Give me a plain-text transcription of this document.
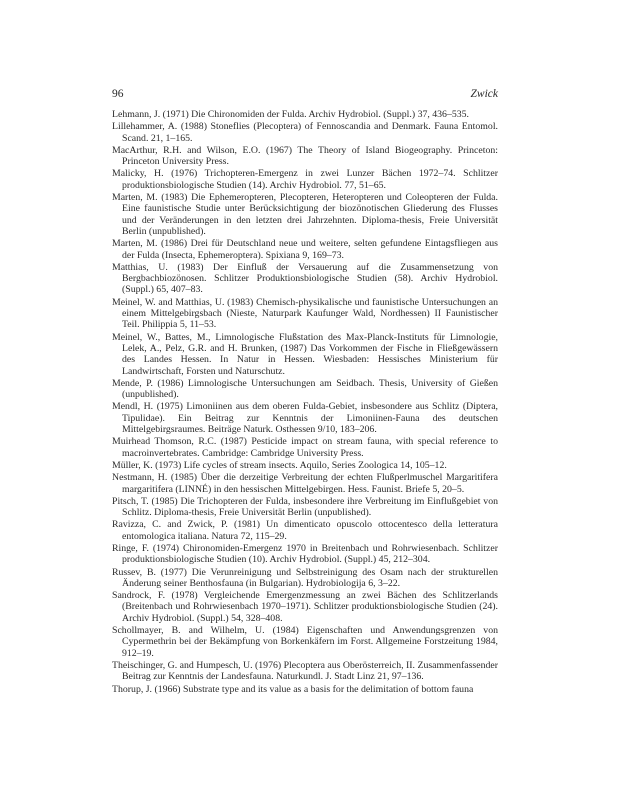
96	Zwick

Lehmann, J. (1971) Die Chironomiden der Fulda. Archiv Hydrobiol. (Suppl.) 37, 436–535.

Lillehammer, A. (1988) Stoneflies (Plecoptera) of Fennoscandia and Denmark. Fauna Entomol. Scand. 21, 1–165.

MacArthur, R.H. and Wilson, E.O. (1967) The Theory of Island Biogeography. Princeton: Princeton University Press.

Malicky, H. (1976) Trichopteren-Emergenz in zwei Lunzer Bächen 1972–74. Schlitzer produktionsbiologische Studien (14). Archiv Hydrobiol. 77, 51–65.

Marten, M. (1983) Die Ephemeropteren, Plecopteren, Heteropteren und Coleopteren der Fulda. Eine faunistische Studie unter Berücksichtigung der biozönotischen Gliederung des Flusses und der Veränderungen in den letzten drei Jahrzehnten. Diploma-thesis, Freie Universität Berlin (unpublished).

Marten, M. (1986) Drei für Deutschland neue und weitere, selten gefundene Eintagsfliegen aus der Fulda (Insecta, Ephemeroptera). Spixiana 9, 169–73.

Matthias, U. (1983) Der Einfluß der Versauerung auf die Zusammensetzung von Bergbachbiozönosen. Schlitzer Produktionsbiologische Studien (58). Archiv Hydrobiol. (Suppl.) 65, 407–83.

Meinel, W. and Matthias, U. (1983) Chemisch-physikalische und faunistische Untersuchungen an einem Mittelgebirgsbach (Nieste, Naturpark Kaufunger Wald, Nordhessen) II Faunistischer Teil. Philippia 5, 11–53.

Meinel, W., Battes, M., Limnologische Flußstation des Max-Planck-Instituts für Limnologie, Lelek, A., Pelz, G.R. and H. Brunken, (1987) Das Vorkommen der Fische in Fließgewässern des Landes Hessen. In Natur in Hessen. Wiesbaden: Hessisches Ministerium für Landwirtschaft, Forsten und Naturschutz.

Mende, P. (1986) Limnologische Untersuchungen am Seidbach. Thesis, University of Gießen (unpublished).

Mendl, H. (1975) Limoniinen aus dem oberen Fulda-Gebiet, insbesondere aus Schlitz (Diptera, Tipulidae). Ein Beitrag zur Kenntnis der Limoniinen-Fauna des deutschen Mittelgebirgsraumes. Beiträge Naturk. Osthessen 9/10, 183–206.

Muirhead Thomson, R.C. (1987) Pesticide impact on stream fauna, with special reference to macroinvertebrates. Cambridge: Cambridge University Press.

Müller, K. (1973) Life cycles of stream insects. Aquilo, Series Zoologica 14, 105–12.

Nestmann, H. (1985) Über die derzeitige Verbreitung der echten Flußperlmuschel Margaritifera margaritifera (LINNÉ) in den hessischen Mittelgebirgen. Hess. Faunist. Briefe 5, 20–5.

Pitsch, T. (1985) Die Trichopteren der Fulda, insbesondere ihre Verbreitung im Einflußgebiet von Schlitz. Diploma-thesis, Freie Universität Berlin (unpublished).

Ravizza, C. and Zwick, P. (1981) Un dimenticato opuscolo ottocentesco della letteratura entomologica italiana. Natura 72, 115–29.

Ringe, F. (1974) Chironomiden-Emergenz 1970 in Breitenbach und Rohrwiesenbach. Schlitzer produktionsbiologische Studien (10). Archiv Hydrobiol. (Suppl.) 45, 212–304.

Russev, B. (1977) Die Verunreinigung und Selbstreinigung des Osam nach der strukturellen Änderung seiner Benthosfauna (in Bulgarian). Hydrobiologija 6, 3–22.

Sandrock, F. (1978) Vergleichende Emergenzmessung an zwei Bächen des Schlitzerlands (Breitenbach und Rohrwiesenbach 1970–1971). Schlitzer produktionsbiologische Studien (24). Archiv Hydrobiol. (Suppl.) 54, 328–408.

Schollmayer, B. and Wilhelm, U. (1984) Eigenschaften und Anwendungsgrenzen von Cypermethrin bei der Bekämpfung von Borkenkäfern im Forst. Allgemeine Forstzeitung 1984, 912–19.

Theischinger, G. and Humpesch, U. (1976) Plecoptera aus Oberösterreich, II. Zusammenfassender Beitrag zur Kenntnis der Landesfauna. Naturkundl. J. Stadt Linz 21, 97–136.

Thorup, J. (1966) Substrate type and its value as a basis for the delimitation of bottom fauna
